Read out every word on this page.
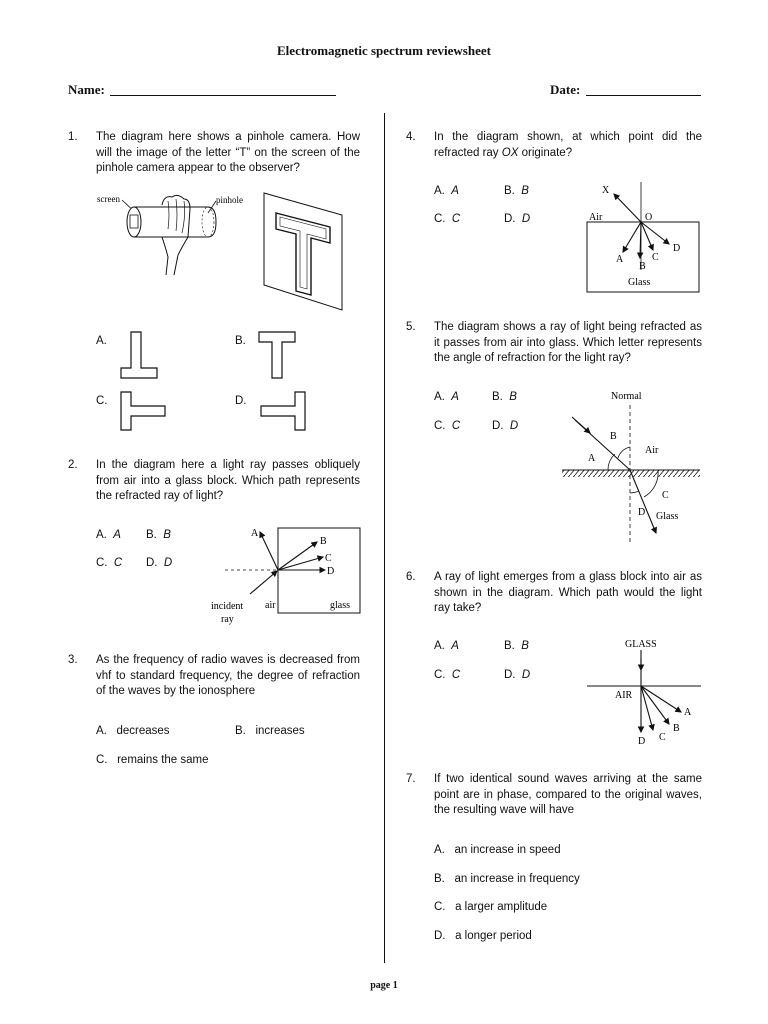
Electromagnetic spectrum reviewsheet
Name:	Date:
1.	The diagram here shows a pinhole camera. How will the image of the letter “T” on the screen of the pinhole camera appear to the observer?
screen	pinhole
A.	B.
C.	D.
2.	In the diagram here a light ray passes obliquely from air into a glass block. Which path represents the refracted ray of light?
A. A B. B
C. C D. D
A
B
C
D
incident
ray
air	glass
3.	As the frequency of radio waves is decreased from vhf to standard frequency, the degree of refraction of the waves by the ionosphere
A. decreases	B. increases
C. remains the same
4.	In the diagram shown, at which point did the refracted ray OX originate?
A. A	B. B
C. C	D. D
X
Air	O
A
B
C
D
Glass
5.	The diagram shows a ray of light being refracted as it passes from air into glass. Which letter represents the angle of refraction for the light ray?
A. A	B. B
C. C	D. D
Normal
A
B
Air
C
D Glass
6.	A ray of light emerges from a glass block into air as shown in the diagram. Which path would the light ray take?
A. A	B. B
C. C	D. D
GLASS
AIR
A
B
C
D
7.	If two identical sound waves arriving at the same point are in phase, compared to the original waves, the resulting wave will have
A. an increase in speed
B. an increase in frequency
C. a larger amplitude
D. a longer period
page 1
